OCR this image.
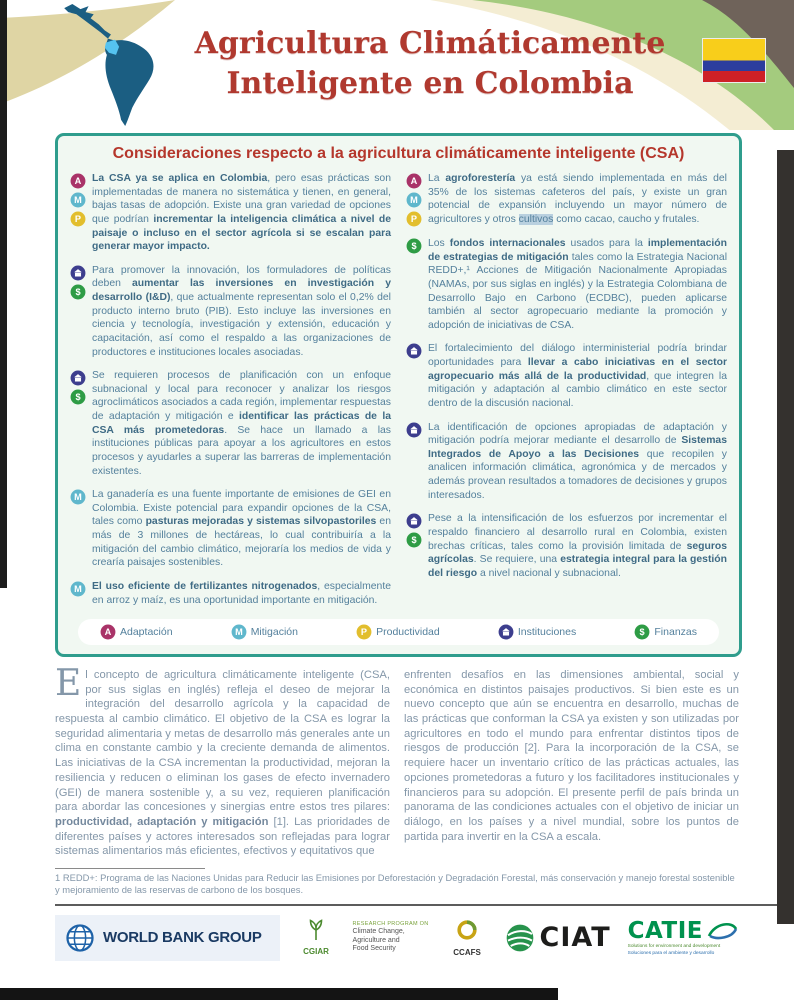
Agricultura Climáticamente
Inteligente en Colombia
Consideraciones respecto a la agricultura climáticamente inteligente (CSA)
A
M
P
La CSA ya se aplica en Colombia, pero esas prácticas son implementadas de manera no sistemática y tienen, en general, bajas tasas de adopción. Existe una gran variedad de opciones que podrían incrementar la inteligencia climática a nivel de paisaje o incluso en el sector agrícola si se escalan para generar mayor impacto.
$
Para promover la innovación, los formuladores de políticas deben aumentar las inversiones en investigación y desarrollo (I&D), que actualmente representan solo el 0,2% del producto interno bruto (PIB). Esto incluye las inversiones en ciencia y tecnología, investigación y extensión, educación y capacitación, así como el respaldo a las organizaciones de productores e instituciones locales asociadas.
$
Se requieren procesos de planificación con un enfoque subnacional y local para reconocer y analizar los riesgos agroclimáticos asociados a cada región, implementar respuestas de adaptación y mitigación e identificar las prácticas de la CSA más prometedoras. Se hace un llamado a las instituciones públicas para apoyar a los agricultores en estos procesos y ayudarles a superar las barreras de implementación existentes.
M La ganadería es una fuente importante de emisiones de GEI en Colombia. Existe potencial para expandir opciones de la CSA, tales como pasturas mejoradas y sistemas silvopastoriles en más de 3 millones de hectáreas, lo cual contribuiría a la mitigación del cambio climático, mejoraría los medios de vida y crearía paisajes sostenibles.
M El uso eficiente de fertilizantes nitrogenados, especialmente en arroz y maíz, es una oportunidad importante en mitigación.
A
M
P
La agroforestería ya está siendo implementada en más del 35% de los sistemas cafeteros del país, y existe un gran potencial de expansión incluyendo un mayor número de agricultores y otros cultivos como cacao, caucho y frutales.
$ Los fondos internacionales usados para la implementación de estrategias de mitigación tales como la Estrategia Nacional REDD+,¹ Acciones de Mitigación Nacionalmente Apropiadas (NAMAs, por sus siglas en inglés) y la Estrategia Colombiana de Desarrollo Bajo en Carbono (ECDBC), pueden aplicarse también al sector agropecuario mediante la promoción y adopción de iniciativas de CSA.
El fortalecimiento del diálogo interministerial podría brindar oportunidades para llevar a cabo iniciativas en el sector agropecuario más allá de la productividad, que integren la mitigación y adaptación al cambio climático en este sector dentro de la discusión nacional.
La identificación de opciones apropiadas de adaptación y mitigación podría mejorar mediante el desarrollo de Sistemas Integrados de Apoyo a las Decisiones que recopilen y analicen información climática, agronómica y de mercados y además provean resultados a tomadores de decisiones y grupos interesados.
$
Pese a la intensificación de los esfuerzos por incrementar el respaldo financiero al desarrollo rural en Colombia, existen brechas críticas, tales como la provisión limitada de seguros agrícolas. Se requiere, una estrategia integral para la gestión del riesgo a nivel nacional y subnacional.
A Adaptación	M Mitigación	P Productividad	Instituciones	$ Finanzas
El concepto de agricultura climáticamente inteligente (CSA, por sus siglas en inglés) refleja el deseo de mejorar la integración del desarrollo agrícola y la capacidad de respuesta al cambio climático. El objetivo de la CSA es lograr la seguridad alimentaria y metas de desarrollo más generales ante un clima en constante cambio y la creciente demanda de alimentos. Las iniciativas de la CSA incrementan la productividad, mejoran la resiliencia y reducen o eliminan los gases de efecto invernadero (GEI) de manera sostenible y, a su vez, requieren planificación para abordar las concesiones y sinergias entre estos tres pilares: productividad, adaptación y mitigación [1]. Las prioridades de diferentes países y actores interesados son reflejadas para lograr sistemas alimentarios más eficientes, efectivos y equitativos que
enfrenten desafíos en las dimensiones ambiental, social y económica en distintos paisajes productivos. Si bien este es un nuevo concepto que aún se encuentra en desarrollo, muchas de las prácticas que conforman la CSA ya existen y son utilizadas por agricultores en todo el mundo para enfrentar distintos tipos de riesgos de producción [2]. Para la incorporación de la CSA, se requiere hacer un inventario crítico de las prácticas actuales, las opciones prometedoras a futuro y los facilitadores institucionales y financieros para su adopción. El presente perfil de país brinda un panorama de las condiciones actuales con el objetivo de iniciar un diálogo, en los países y a nivel mundial, sobre los puntos de partida para invertir en la CSA a escala.
1 REDD+: Programa de las Naciones Unidas para Reducir las Emisiones por Deforestación y Degradación Forestal, más conservación y manejo forestal sostenible y mejoramiento de las reservas de carbono de los bosques.
WORLD BANK GROUP
CGIAR
RESEARCH PROGRAM ON
Climate Change,
Agriculture and
Food Security	CCAFS CIAT CATIE
Solutions for environment and development
Soluciones para el ambiente y desarrollo
